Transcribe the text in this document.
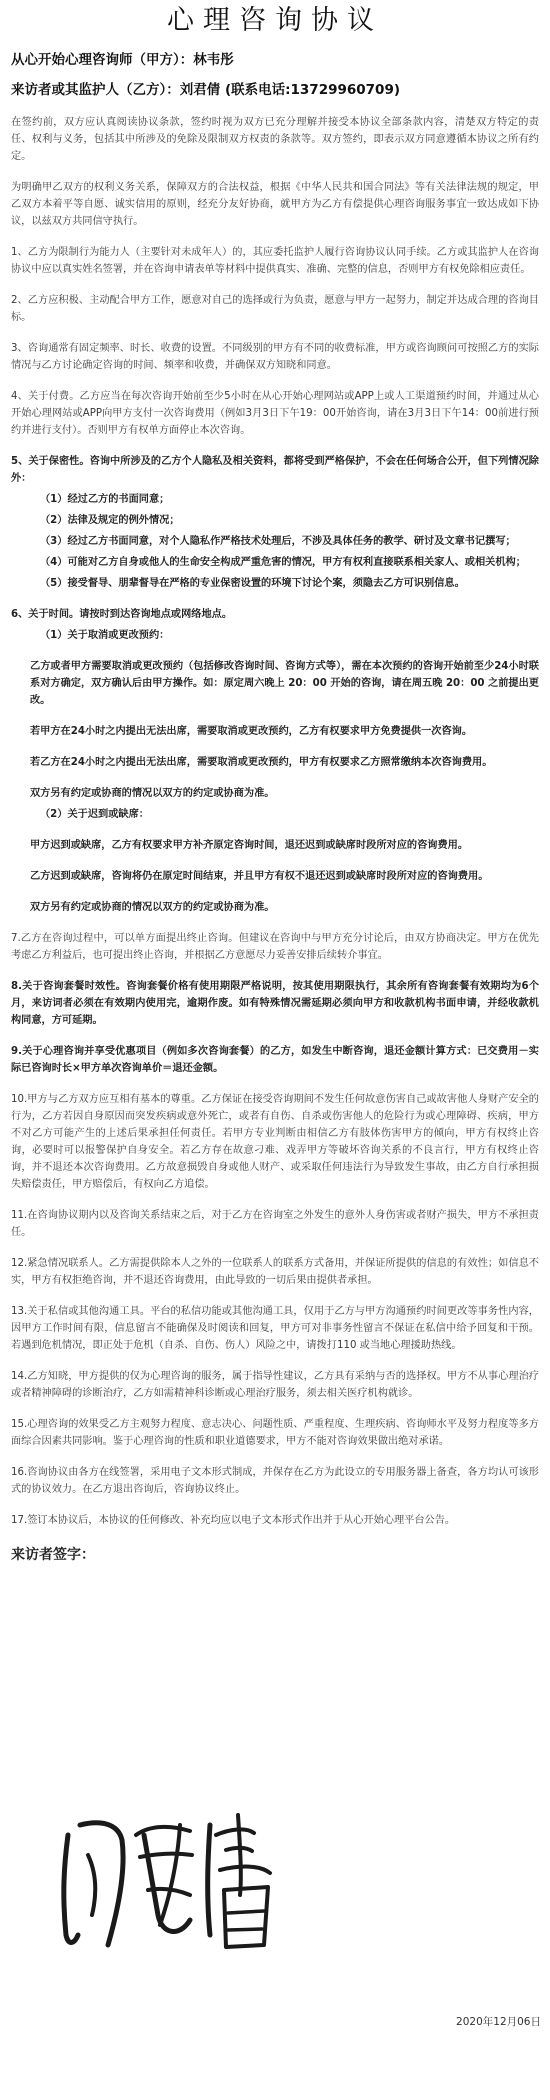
心理咨询协议
从心开始心理咨询师（甲方）：林韦彤
来访者或其监护人（乙方）：刘君倩 (联系电话:13729960709)

在签约前，双方应认真阅读协议条款，签约时视为双方已充分理解并接受本协议全部条款内容，清楚双方特定的责任、权利与义务，包括其中所涉及的免除及限制双方权责的条款等。双方签约，即表示双方同意遵循本协议之所有约定。

为明确甲乙双方的权利义务关系，保障双方的合法权益，根据《中华人民共和国合同法》等有关法律法规的规定，甲乙双方本着平等自愿、诚实信用的原则，经充分友好协商，就甲方为乙方有偿提供心理咨询服务事宜一致达成如下协议，以兹双方共同信守执行。

1、乙方为限制行为能力人（主要针对未成年人）的，其应委托监护人履行咨询协议认同手续。乙方或其监护人在咨询协议中应以真实姓名签署，并在咨询申请表单等材料中提供真实、准确、完整的信息，否则甲方有权免除相应责任。

2、乙方应积极、主动配合甲方工作，愿意对自己的选择或行为负责，愿意与甲方一起努力，制定并达成合理的咨询目标。

3、咨询通常有固定频率、时长、收费的设置。不同级别的甲方有不同的收费标准，甲方或咨询顾问可按照乙方的实际情况与乙方讨论确定咨询的时间、频率和收费，并确保双方知晓和同意。

4、关于付费。乙方应当在每次咨询开始前至少5小时在从心开始心理网站或APP上或人工渠道预约时间，并通过从心开始心理网站或APP向甲方支付一次咨询费用（例如3月3日下午19：00开始咨询，请在3月3日下午14：00前进行预约并进行支付）。否则甲方有权单方面停止本次咨询。

5、关于保密性。咨询中所涉及的乙方个人隐私及相关资料，都将受到严格保护，不会在任何场合公开，但下列情况除外：

（1）经过乙方的书面同意；

（2）法律及规定的例外情况；

（3）经过乙方书面同意，对个人隐私作严格技术处理后，不涉及具体任务的教学、研讨及文章书记撰写；

（4）可能对乙方自身或他人的生命安全构成严重危害的情况，甲方有权利直接联系相关家人、或相关机构；

（5）接受督导、朋辈督导在严格的专业保密设置的环境下讨论个案，须隐去乙方可识别信息。

6、关于时间。请按时到达咨询地点或网络地点。

（1）关于取消或更改预约：

乙方或者甲方需要取消或更改预约（包括修改咨询时间、咨询方式等），需在本次预约的咨询开始前至少24小时联系对方确定，双方确认后由甲方操作。如：原定周六晚上 20：00 开始的咨询，请在周五晚 20：00 之前提出更改。

若甲方在24小时之内提出无法出席，需要取消或更改预约，乙方有权要求甲方免费提供一次咨询。

若乙方在24小时之内提出无法出席，需要取消或更改预约，甲方有权要求乙方照常缴纳本次咨询费用。

双方另有约定或协商的情况以双方的约定或协商为准。

（2）关于迟到或缺席：

甲方迟到或缺席，乙方有权要求甲方补齐原定咨询时间，退还迟到或缺席时段所对应的咨询费用。

乙方迟到或缺席，咨询将仍在原定时间结束，并且甲方有权不退还迟到或缺席时段所对应的咨询费用。

双方另有约定或协商的情况以双方的约定或协商为准。

7.乙方在咨询过程中，可以单方面提出终止咨询。但建议在咨询中与甲方充分讨论后，由双方协商决定。甲方在优先考虑乙方利益后，也可提出终止咨询，并根据乙方意愿尽力妥善安排后续转介事宜。

8.关于咨询套餐时效性。咨询套餐价格有使用期限严格说明，按其使用期限执行，其余所有咨询套餐有效期均为6个月，来访词者必须在有效期内使用完，逾期作废。如有特殊情况需延期必须向甲方和收款机构书面申请，并经收款机构同意，方可延期。

9.关于心理咨询并享受优惠项目（例如多次咨询套餐）的乙方，如发生中断咨询，退还金额计算方式：已交费用－实际已咨询时长×甲方单次咨询单价＝退还金额。

10.甲方与乙方双方应互相有基本的尊重。乙方保证在接受咨询期间不发生任何故意伤害自己或故害他人身财产安全的行为，乙方若因自身原因而突发疾病或意外死亡，或者有自伤、自杀或伤害他人的危险行为或心理障碍、疾病，甲方不对乙方可能产生的上述后果承担任何责任。若甲方专业判断由相信乙方有肢体伤害甲方的倾向，甲方有权终止咨询，必要时可以报警保护自身安全。若乙方存在故意刁难、戏弄甲方等破坏咨询关系的不良言行，甲方有权终止咨询，并不退还本次咨询费用。乙方故意损毁自身或他人财产、或采取任何违法行为导致发生事故，由乙方自行承担损失赔偿责任，甲方赔偿后，有权向乙方追偿。

11.在咨询协议期内以及咨询关系结束之后，对于乙方在咨询室之外发生的意外人身伤害或者财产损失，甲方不承担责任。

12.紧急情况联系人。乙方需提供除本人之外的一位联系人的联系方式备用，并保证所提供的信息的有效性；如信息不实，甲方有权拒绝咨询，并不退还咨询费用，由此导致的一切后果由提供者承担。

13.关于私信或其他沟通工具。平台的私信功能或其他沟通工具，仅用于乙方与甲方沟通预约时间更改等事务性内容，因甲方工作时间有限，信息留言不能确保及时阅读和回复，甲方可对非事务性留言不保证在私信中给予回复和干预。若遇到危机情况，即正处于危机（自杀、自伤、伤人）风险之中，请拨打110 或当地心理援助热线。

14.乙方知晓，甲方提供的仅为心理咨询的服务，属于指导性建议，乙方具有采纳与否的选择权。甲方不从事心理治疗或者精神障碍的诊断治疗，乙方如需精神科诊断或心理治疗服务，须去相关医疗机构就诊。

15.心理咨询的效果受乙方主观努力程度、意志决心、问题性质、严重程度、生理疾病、咨询师水平及努力程度等多方面综合因素共同影响。鉴于心理咨询的性质和职业道德要求，甲方不能对咨询效果做出绝对承诺。

16.咨询协议由各方在线签署，采用电子文本形式制成，并保存在乙方为此设立的专用服务器上备查，各方均认可该形式的协议效力。在乙方退出咨询后，咨询协议终止。

17.签订本协议后，本协议的任何修改、补充均应以电子文本形式作出并于从心开始心理平台公告。

来访者签字：
2020年12月06日
